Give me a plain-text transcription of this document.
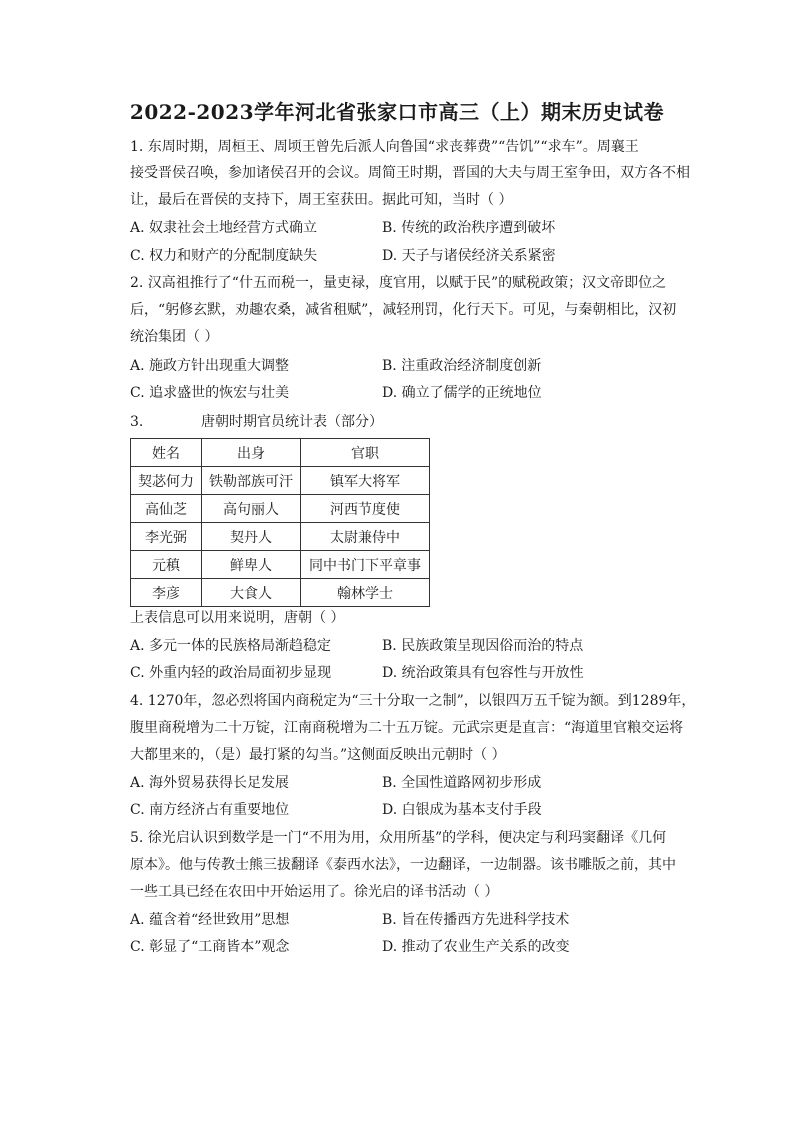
2022-2023学年河北省张家口市高三（上）期末历史试卷
1. 东周时期，周桓王、周顷王曾先后派人向鲁国“求丧葬费”“告饥”“求车”。周襄王
接受晋侯召唤，参加诸侯召开的会议。周简王时期，晋国的大夫与周王室争田，双方各不相
让，最后在晋侯的支持下，周王室获田。据此可知，当时（ ）
A. 奴隶社会土地经营方式确立	B. 传统的政治秩序遭到破坏
C. 权力和财产的分配制度缺失	D. 天子与诸侯经济关系紧密
2. 汉高祖推行了“什五而税一，量吏禄，度官用，以赋于民”的赋税政策；汉文帝即位之
后，“躬修玄默，劝趣农桑，减省租赋”，减轻刑罚，化行天下。可见，与秦朝相比，汉初
统治集团（ ）
A. 施政方针出现重大调整	B. 注重政治经济制度创新
C. 追求盛世的恢宏与壮美	D. 确立了儒学的正统地位
3.	唐朝时期官员统计表（部分）
姓名	出身	官职
契苾何力	铁勒部族可汗	镇军大将军
高仙芝	高句丽人	河西节度使
李光弼	契丹人	太尉兼侍中
元稹	鲜卑人	同中书门下平章事
李彦	大食人	翰林学士
上表信息可以用来说明，唐朝（ ）
A. 多元一体的民族格局渐趋稳定	B. 民族政策呈现因俗而治的特点
C. 外重内轻的政治局面初步显现	D. 统治政策具有包容性与开放性
4. 1270年，忽必烈将国内商税定为“三十分取一之制”，以银四万五千锭为额。到1289年，
腹里商税增为二十万锭，江南商税增为二十五万锭。元武宗更是直言：“海道里官粮交运将
大都里来的，（是）最打紧的勾当。”这侧面反映出元朝时（ ）
A. 海外贸易获得长足发展	B. 全国性道路网初步形成
C. 南方经济占有重要地位	D. 白银成为基本支付手段
5. 徐光启认识到数学是一门“不用为用，众用所基”的学科，便决定与利玛窦翻译《几何
原本》。他与传教士熊三拔翻译《泰西水法》，一边翻译，一边制器。该书雕版之前，其中
一些工具已经在农田中开始运用了。徐光启的译书活动（ ）
A. 蕴含着“经世致用”思想	B. 旨在传播西方先进科学技术
C. 彰显了“工商皆本”观念	D. 推动了农业生产关系的改变
